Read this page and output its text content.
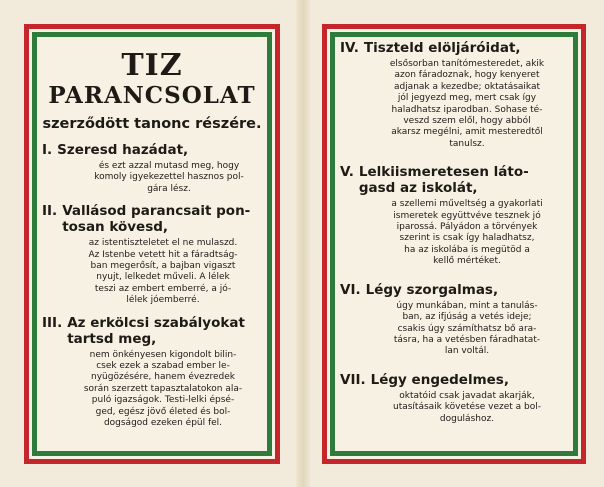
TIZ
PARANCSOLAT
szerződött tanonc részére.
I. Szeresd hazádat,
és ezt azzal mutasd meg, hogy
komoly igyekezettel hasznos pol-
gára lész.
II. Vallásod parancsait pon-
tosan kövesd,
az istentiszteletet el ne mulaszd.
Az Istenbe vetett hit a fáradtság-
ban megerősít, a bajban vigaszt
nyujt, lelkedet műveli. A lélek
teszi az embert emberré, a jó-
lélek jóemberré.
III. Az erkölcsi szabályokat
tartsd meg,
nem önkényesen kigondolt bilin-
csek ezek a szabad ember le-
nyügözésére, hanem évezredek
során szerzett tapasztalatokon ala-
puló igazságok. Testi-lelki épsé-
ged, egész jövő életed és bol-
dogságod ezeken épül fel.
IV. Tiszteld elöljáróidat,
elsősorban tanítómesteredet, akik
azon fáradoznak, hogy kenyeret
adjanak a kezedbe; oktatásaikat
jól jegyezd meg, mert csak így
haladhatsz iparodban. Sohase té-
veszd szem elől, hogy abból
akarsz megélni, amit mesteredtől
tanulsz.
V. Lelkiismeretesen láto-
gasd az iskolát,
a szellemi műveltség a gyakorlati
ismeretek együttvéve tesznek jó
iparossá. Pályádon a törvények
szerint is csak így haladhatsz,
ha az iskolába is megütöd a
kellő mértéket.
VI. Légy szorgalmas,
úgy munkában, mint a tanulás-
ban, az ifjúság a vetés ideje;
csakis úgy számíthatsz bő ara-
tásra, ha a vetésben fáradhatat-
lan voltál.
VII. Légy engedelmes,
oktatóid csak javadat akarják,
utasításaik követése vezet a bol-
doguláshoz.
